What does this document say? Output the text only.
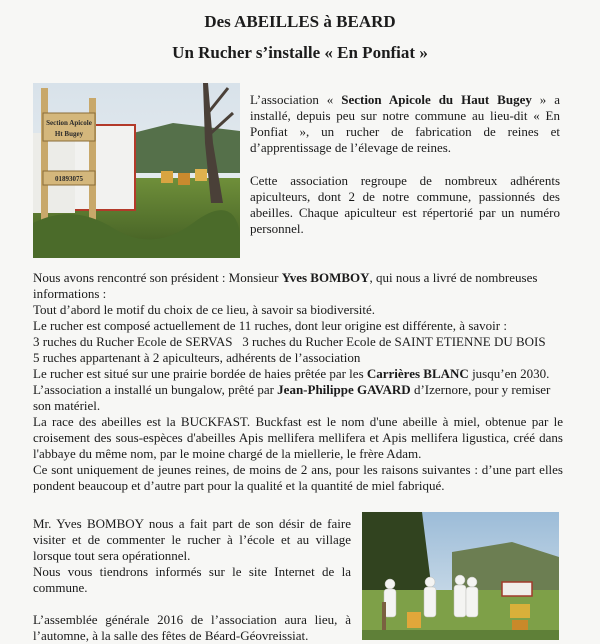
Des ABEILLES à BEARD
Un Rucher s’installe « En Ponfiat »
Section Apicole
Ht Bugey
01893075

L’association « Section Apicole du Haut Bugey » a installé, depuis peu sur notre commune au lieu-dit « En Ponfiat », un rucher de fabrication de reines et d’apprentissage de l’élevage de reines.

Cette association regroupe de nombreux adhérents apiculteurs, dont 2 de notre commune, passionnés des abeilles. Chaque apiculteur est répertorié par un numéro personnel.

Nous avons rencontré son président : Monsieur Yves BOMBOY, qui nous a livré de nombreuses informations :

Tout d’abord le motif du choix de ce lieu, à savoir sa biodiversité.

Le rucher est composé actuellement de 11 ruches, dont leur origine est différente, à savoir :

3 ruches du Rucher Ecole de SERVAS   3 ruches du Rucher Ecole de SAINT ETIENNE DU BOIS

5 ruches appartenant à 2 apiculteurs, adhérents de l’association

Le rucher est situé sur une prairie bordée de haies prêtée par les Carrières BLANC jusqu’en 2030.

L’association a installé un bungalow, prêté par Jean-Philippe GAVARD d’Izernore, pour y remiser son matériel.

La race des abeilles est la BUCKFAST. Buckfast est le nom d'une abeille à miel, obtenue par le croisement des sous-espèces d'abeilles Apis mellifera mellifera et Apis mellifera ligustica, créé dans l'abbaye du même nom, par le moine chargé de la miellerie, le frère Adam.

Ce sont uniquement de jeunes reines, de moins de 2 ans, pour les raisons suivantes : d’une part elles pondent beaucoup et d’autre part pour la qualité et la quantité de miel fabriqué.

Mr. Yves BOMBOY nous a fait part de son désir de faire visiter et de commenter le rucher à l’école et au village lorsque tout sera opérationnel.

Nous vous tiendrons informés sur le site Internet de la commune.

L’assemblée générale 2016 de l’association aura lieu, à l’automne, à la salle des fêtes de Béard-Géovreissiat.
